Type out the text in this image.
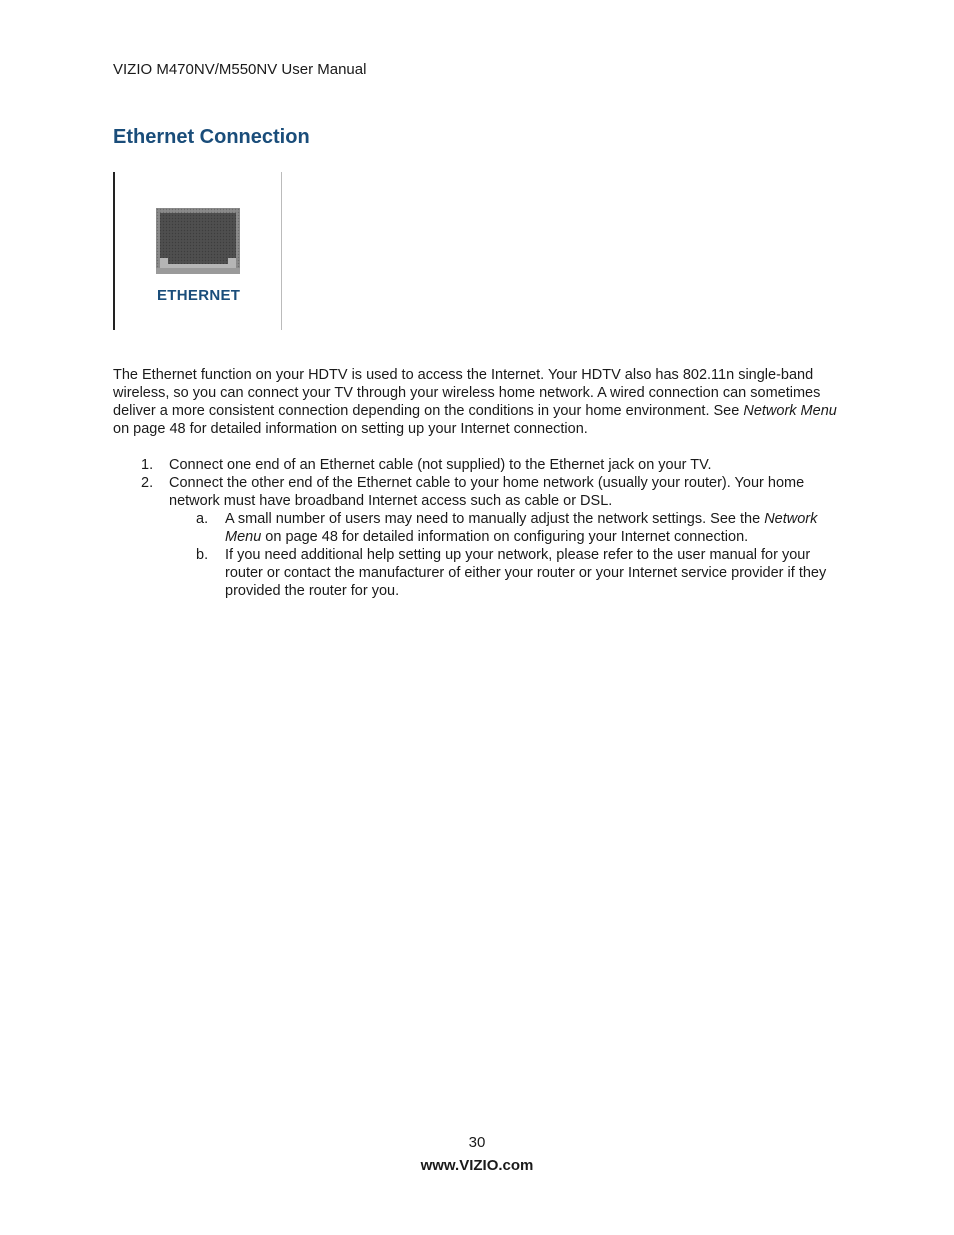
VIZIO M470NV/M550NV User Manual
Ethernet Connection
ETHERNET

The Ethernet function on your HDTV is used to access the Internet. Your HDTV also has 802.11n single-band wireless, so you can connect your TV through your wireless home network. A wired connection can sometimes deliver a more consistent connection depending on the conditions in your home environment. See Network Menu on page 48 for detailed information on setting up your Internet connection.

1. Connect one end of an Ethernet cable (not supplied) to the Ethernet jack on your TV.
2. Connect the other end of the Ethernet cable to your home network (usually your router). Your home network must have broadband Internet access such as cable or DSL.
a. A small number of users may need to manually adjust the network settings. See the Network Menu on page 48 for detailed information on configuring your Internet connection.
b. If you need additional help setting up your network, please refer to the user manual for your router or contact the manufacturer of either your router or your Internet service provider if they provided the router for you.
30
www.VIZIO.com
